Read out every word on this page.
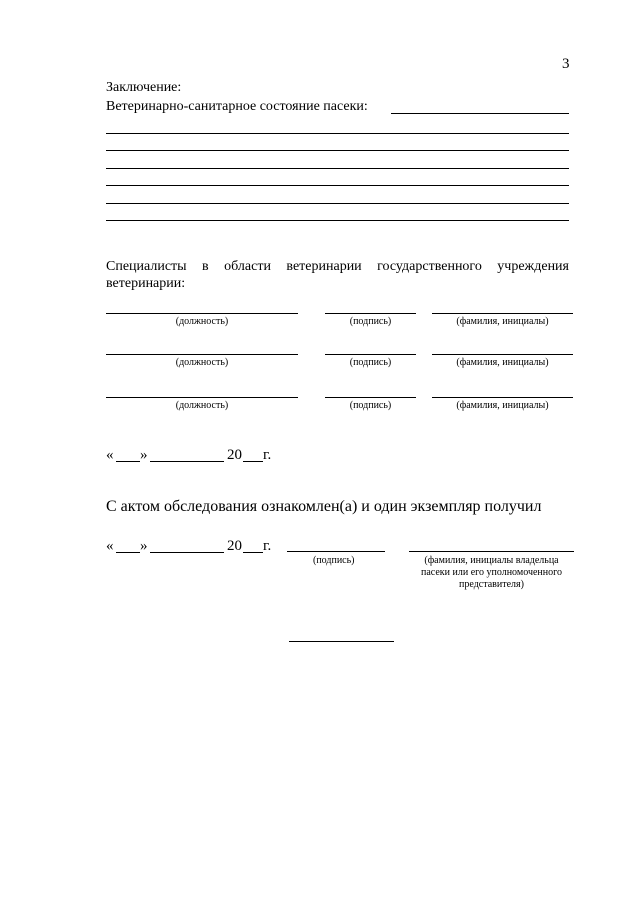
3
Заключение:
Ветеринарно-санитарное состояние пасеки:
Специалисты в области ветеринарии государственного учреждения
ветеринарии:
(должность)	(подпись)	(фамилия, инициалы)
(должность)	(подпись)	(фамилия, инициалы)
(должность)	(подпись)	(фамилия, инициалы)
« »	20 г.
С актом обследования ознакомлен(а) и один экземпляр получил
« »	20 г.
(подпись)	(фамилия, инициалы владельца
пасеки или его уполномоченного
представителя)
